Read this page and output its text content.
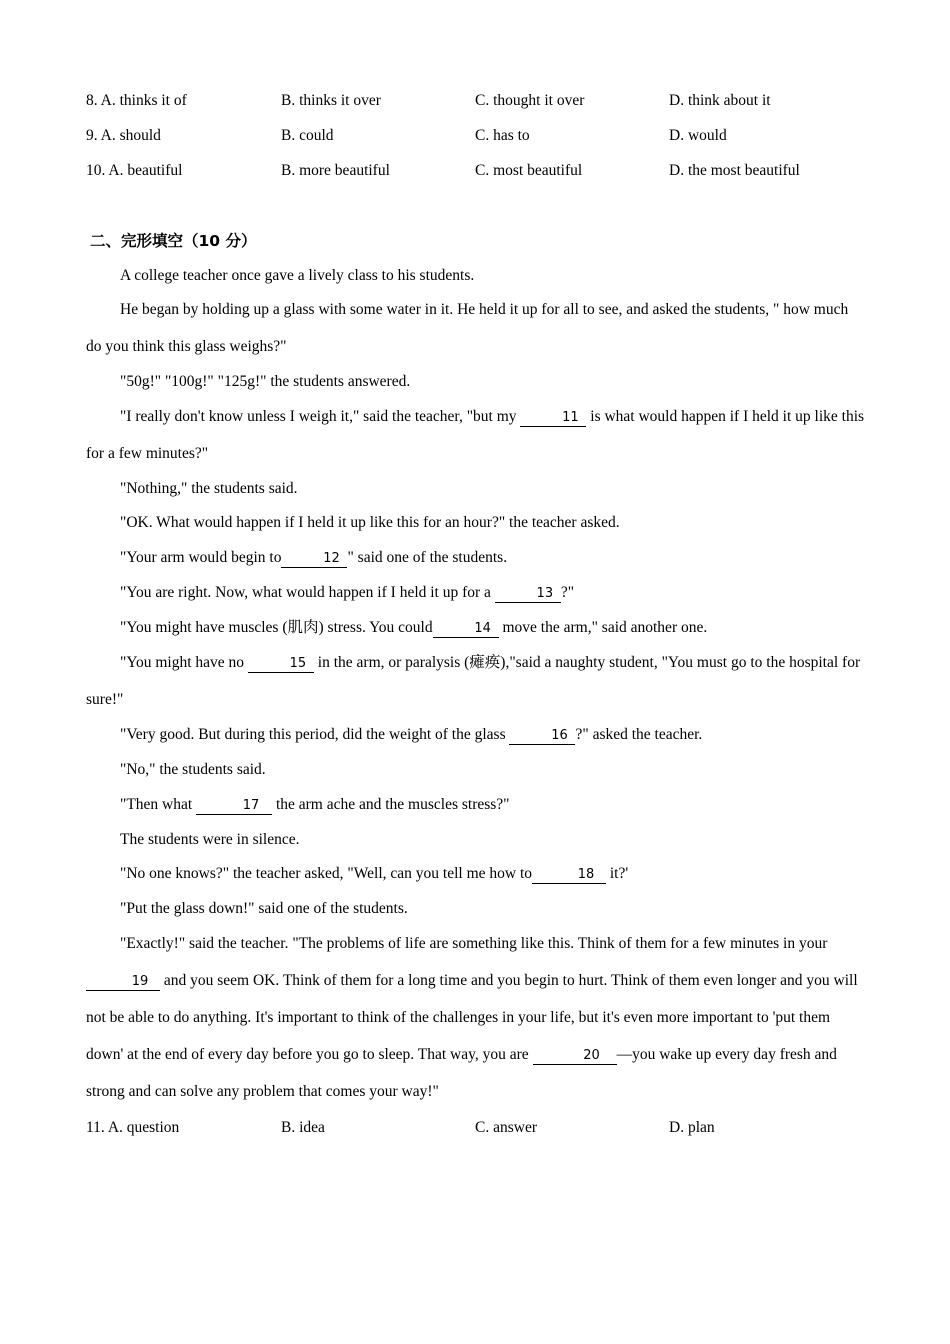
8. A. thinks it of	B. thinks it over	C. thought it over	D. think about it
9. A. should	B. could	C. has to	D. would
10. A. beautiful	B. more beautiful	C. most beautiful	D. the most beautiful
二、完形填空（10 分）

A college teacher once gave a lively class to his students.

He began by holding up a glass with some water in it. He held it up for all to see, and asked the students, " how much do you think this glass weighs?"

"50g!" "100g!" "125g!" the students answered.

"I really don't know unless I weigh it," said the teacher, "but my	11 is what would happen if I held it up like this for a few minutes?"

"Nothing," the students said.

"OK. What would happen if I held it up like this for an hour?" the teacher asked.

"Your arm would begin to	12 " said one of the students.

"You are right. Now, what would happen if I held it up for a	13 ?"

"You might have muscles (肌肉) stress. You could	14 move the arm," said another one.

"You might have no	15 in the arm, or paralysis (瘫痪),"said a naughty student, "You must go to the hospital for sure!"

"Very good. But during this period, did the weight of the glass	16 ?" asked the teacher.

"No," the students said.

"Then what	17 the arm ache and the muscles stress?"

The students were in silence.

"No one knows?" the teacher asked, "Well, can you tell me how to	18 it?'

"Put the glass down!" said one of the students.

"Exactly!" said the teacher. "The problems of life are something like this. Think of them for a few minutes in your19 and you seem OK. Think of them for a long time and you begin to hurt. Think of them even longer and you will not be able to do anything. It's important to think of the challenges in your life, but it's even more important to 'put them down' at the end of every day before you go to sleep. That way, you are	20 —you wake up every day fresh and strong and can solve any problem that comes your way!"

11. A. question	B. idea	C. answer	D. plan
